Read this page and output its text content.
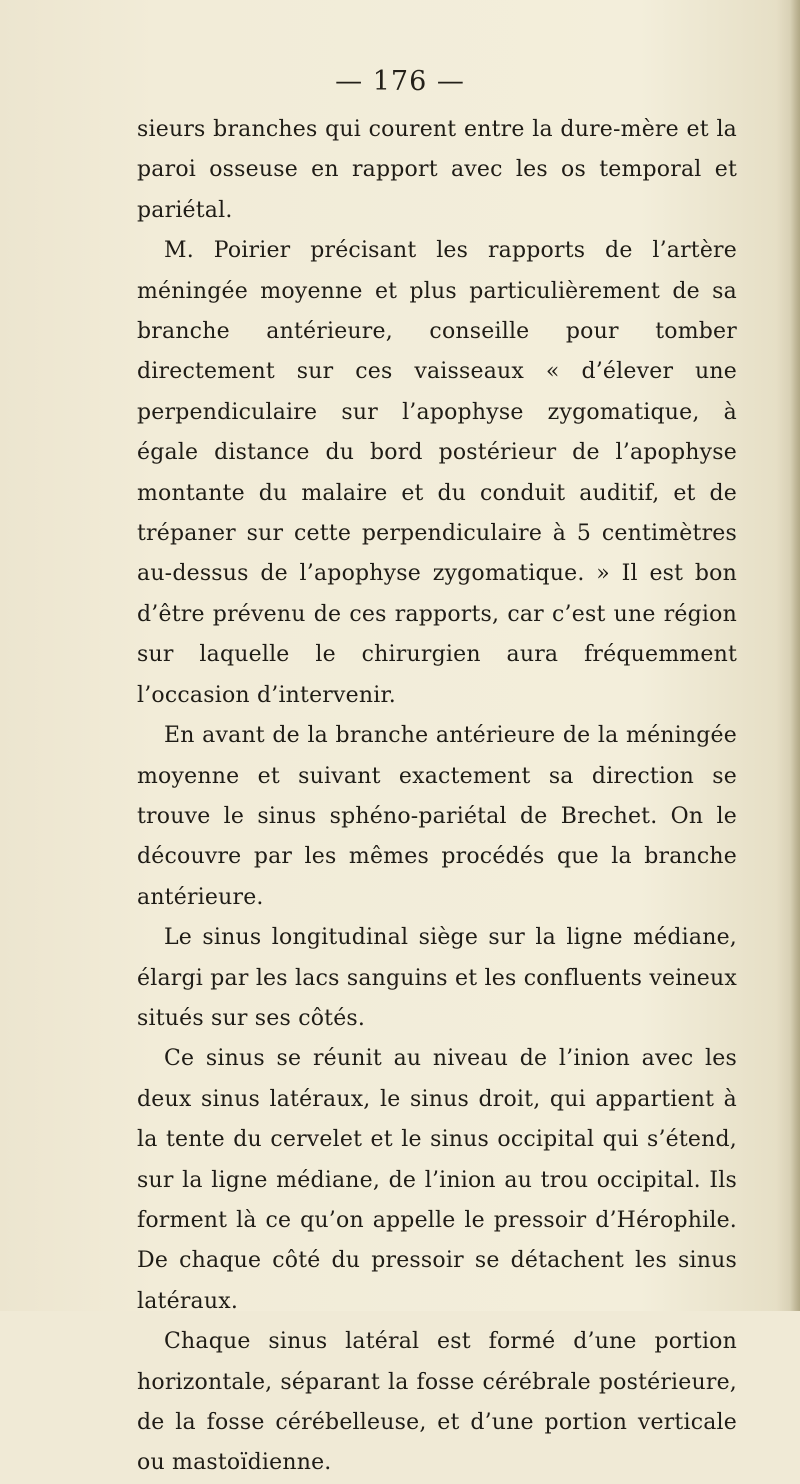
— 176 —

sieurs branches qui courent entre la dure-mère et la paroi osseuse en rapport avec les os temporal et pariétal.

M. Poirier précisant les rapports de l’artère méningée moyenne et plus particulièrement de sa branche antérieure, conseille pour tomber directement sur ces vaisseaux « d’élever une perpendiculaire sur l’apophyse zygomatique, à égale distance du bord postérieur de l’apophyse montante du malaire et du conduit auditif, et de trépaner sur cette perpendiculaire à 5 centimètres au-dessus de l’apophyse zygomatique. » Il est bon d’être prévenu de ces rapports, car c’est une région sur laquelle le chirurgien aura fréquemment l’occasion d’intervenir.

En avant de la branche antérieure de la méningée moyenne et suivant exactement sa direction se trouve le sinus sphéno-pariétal de Brechet. On le découvre par les mêmes procédés que la branche antérieure.

Le sinus longitudinal siège sur la ligne médiane, élargi par les lacs sanguins et les confluents veineux situés sur ses côtés.

Ce sinus se réunit au niveau de l’inion avec les deux sinus latéraux, le sinus droit, qui appartient à la tente du cervelet et le sinus occipital qui s’étend, sur la ligne médiane, de l’inion au trou occipital. Ils forment là ce qu’on appelle le pressoir d’Hérophile. De chaque côté du pressoir se détachent les sinus latéraux.

Chaque sinus latéral est formé d’une portion horizontale, séparant la fosse cérébrale postérieure, de la fosse cérébelleuse, et d’une portion verticale ou mastoïdienne.
